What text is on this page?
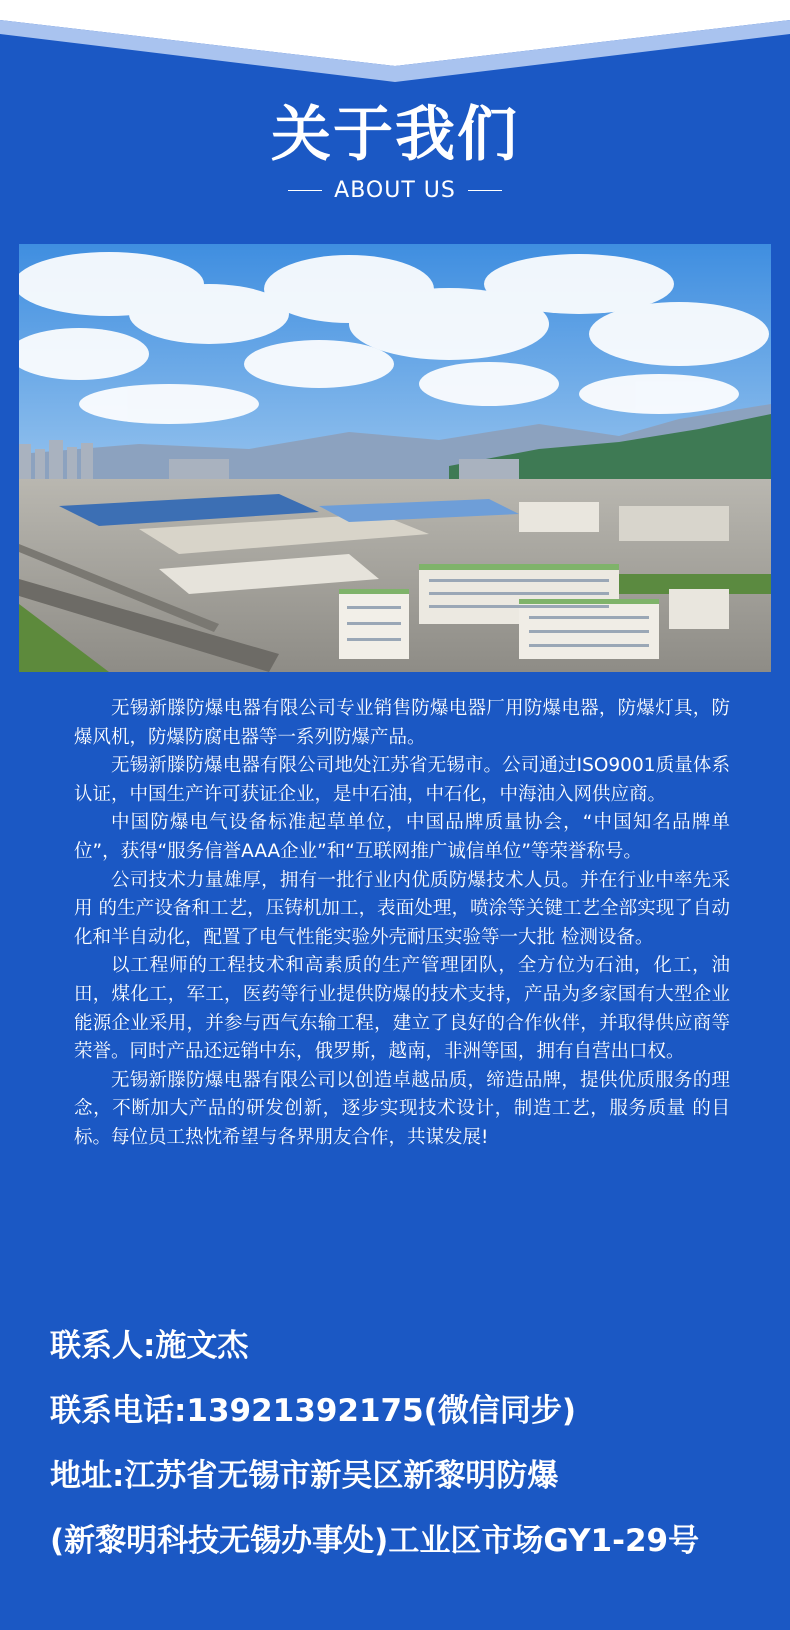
关于我们
ABOUT US

无锡新滕防爆电器有限公司专业销售防爆电器厂用防爆电器，防爆灯具，防爆风机，防爆防腐电器等一系列防爆产品。

无锡新滕防爆电器有限公司地处江苏省无锡市。公司通过ISO9001质量体系认证，中国生产许可获证企业，是中石油，中石化，中海油入网供应商。

中国防爆电气设备标准起草单位，中国品牌质量协会，“中国知名品牌单位”，获得“服务信誉AAA企业”和“互联网推广诚信单位”等荣誉称号。

公司技术力量雄厚，拥有一批行业内优质防爆技术人员。并在行业中率先采用 的生产设备和工艺，压铸机加工，表面处理，喷涂等关键工艺全部实现了自动化和半自动化，配置了电气性能实验外壳耐压实验等一大批 检测设备。

以工程师的工程技术和高素质的生产管理团队，全方位为石油，化工，油田，煤化工，军工，医药等行业提供防爆的技术支持，产品为多家国有大型企业能源企业采用，并参与西气东输工程，建立了良好的合作伙伴，并取得供应商等荣誉。同时产品还远销中东，俄罗斯，越南，非洲等国，拥有自营出口权。

无锡新滕防爆电器有限公司以创造卓越品质，缔造品牌，提供优质服务的理念，不断加大产品的研发创新，逐步实现技术设计，制造工艺，服务质量 的目标。每位员工热忱希望与各界朋友合作，共谋发展!

联系人:施文杰
联系电话:13921392175(微信同步)
地址:江苏省无锡市新吴区新黎明防爆
(新黎明科技无锡办事处)工业区市场GY1-29号
